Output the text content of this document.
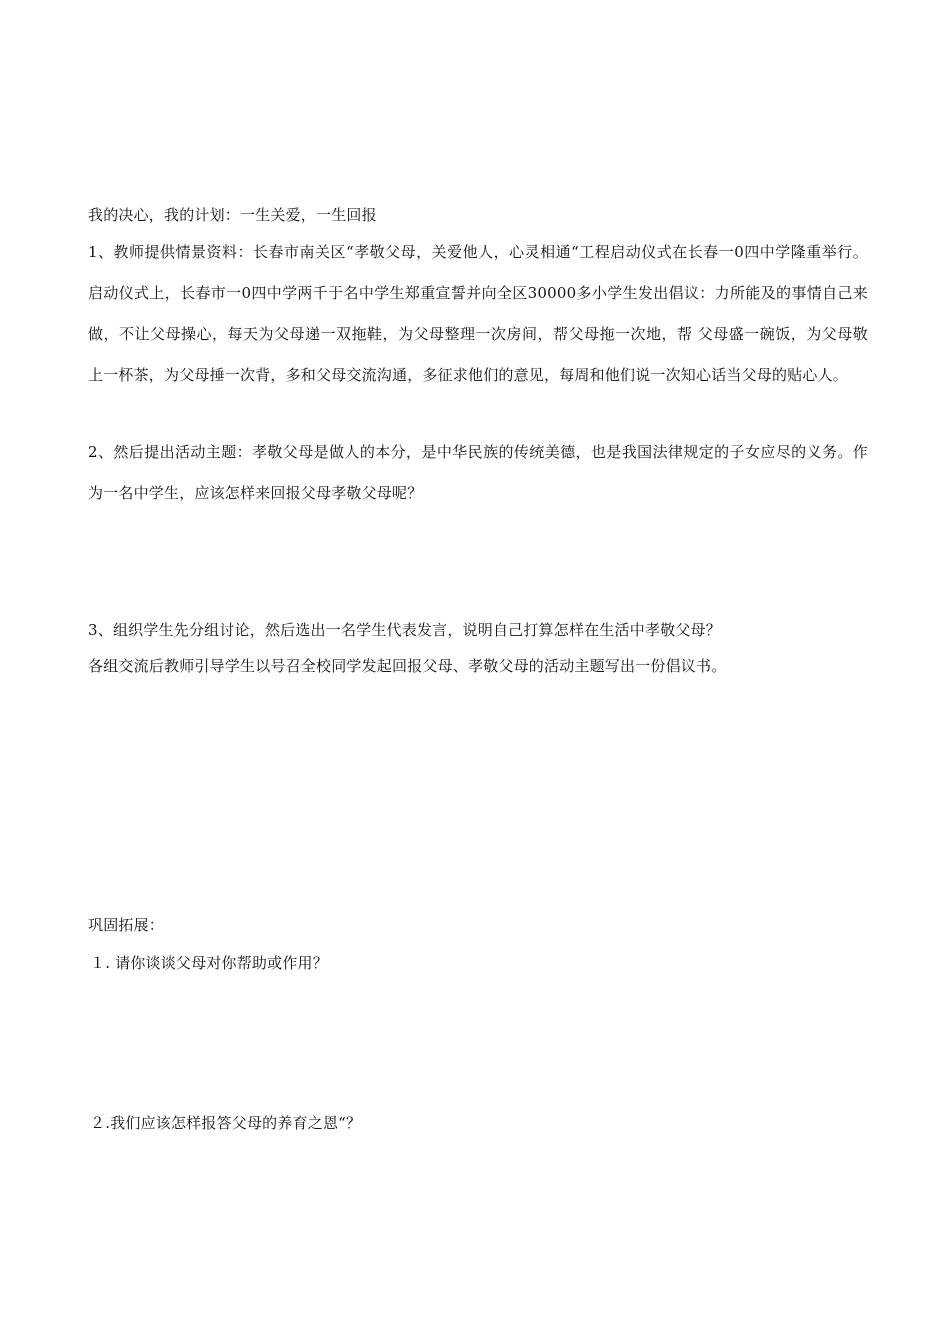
我的决心，我的计划：一生关爱，一生回报
1、教师提供情景资料：长春市南关区“孝敬父母，关爱他人，心灵相通“工程启动仪式在长春一0四中学隆重举行。启动仪式上，长春市一0四中学两千于名中学生郑重宣誓并向全区30000多小学生发出倡议：力所能及的事情自己来做，不让父母操心，每天为父母递一双拖鞋，为父母整理一次房间，帮父母拖一次地，帮 父母盛一碗饭，为父母敬上一杯茶，为父母捶一次背，多和父母交流沟通，多征求他们的意见，每周和他们说一次知心话当父母的贴心人。
2、然后提出活动主题：孝敬父母是做人的本分，是中华民族的传统美德，也是我国法律规定的子女应尽的义务。作为一名中学生，应该怎样来回报父母孝敬父母呢？
3、组织学生先分组讨论，然后选出一名学生代表发言，说明自己打算怎样在生活中孝敬父母？
各组交流后教师引导学生以号召全校同学发起回报父母、孝敬父母的活动主题写出一份倡议书。
巩固拓展：
１. 请你谈谈父母对你帮助或作用？
２.我们应该怎样报答父母的养育之恩“？
